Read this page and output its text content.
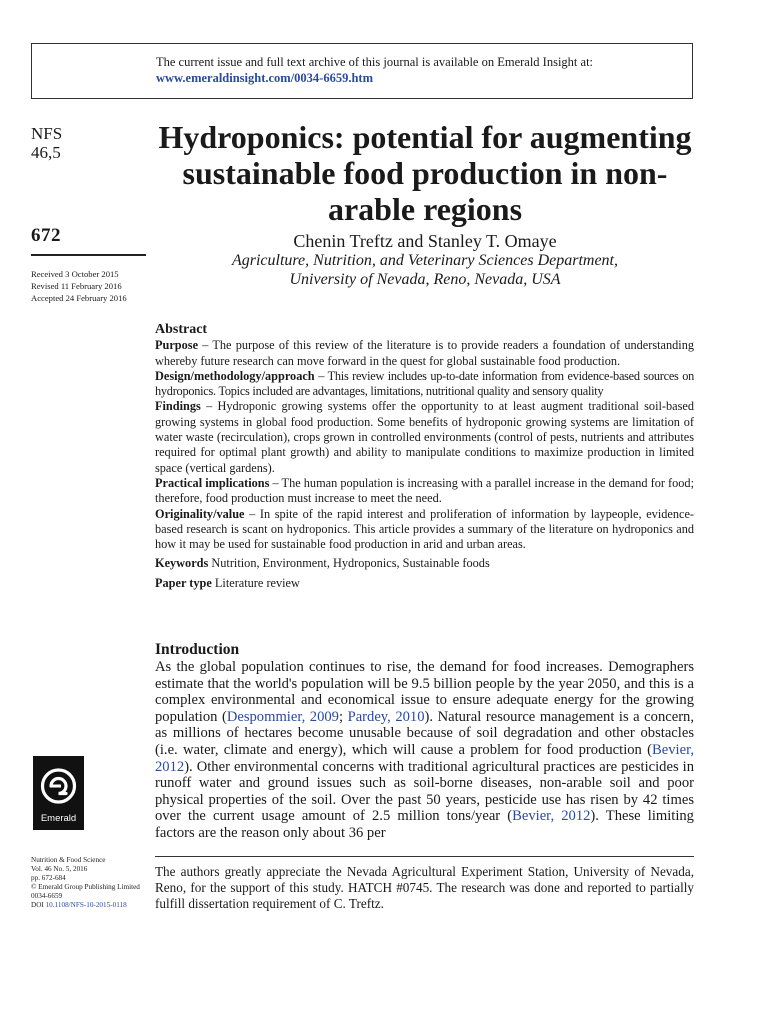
The current issue and full text archive of this journal is available on Emerald Insight at:
www.emeraldinsight.com/0034-6659.htm
NFS
46,5
672
Received 3 October 2015
Revised 11 February 2016
Accepted 24 February 2016
Emerald
Nutrition & Food Science
Vol. 46 No. 5, 2016
pp. 672-684
© Emerald Group Publishing Limited
0034-6659
DOI 10.1108/NFS-10-2015-0118
Hydroponics: potential for augmenting sustainable food production in non-arable regions
Chenin Treftz and Stanley T. Omaye
Agriculture, Nutrition, and Veterinary Sciences Department,
University of Nevada, Reno, Nevada, USA
Abstract
Purpose – The purpose of this review of the literature is to provide readers a foundation of understanding whereby future research can move forward in the quest for global sustainable food production.
Design/methodology/approach – This review includes up-to-date information from evidence-based sources on hydroponics. Topics included are advantages, limitations, nutritional quality and sensory quality
Findings – Hydroponic growing systems offer the opportunity to at least augment traditional soil-based growing systems in global food production. Some benefits of hydroponic growing systems are limitation of water waste (recirculation), crops grown in controlled environments (control of pests, nutrients and attributes required for optimal plant growth) and ability to manipulate conditions to maximize production in limited space (vertical gardens).
Practical implications – The human population is increasing with a parallel increase in the demand for food; therefore, food production must increase to meet the need.
Originality/value – In spite of the rapid interest and proliferation of information by laypeople, evidence-based research is scant on hydroponics. This article provides a summary of the literature on hydroponics and how it may be used for sustainable food production in arid and urban areas.
Keywords Nutrition, Environment, Hydroponics, Sustainable foods
Paper type Literature review
Introduction
As the global population continues to rise, the demand for food increases. Demographers estimate that the world's population will be 9.5 billion people by the year 2050, and this is a complex environmental and economical issue to ensure adequate energy for the growing population (Despommier, 2009; Pardey, 2010). Natural resource management is a concern, as millions of hectares become unusable because of soil degradation and other obstacles (i.e. water, climate and energy), which will cause a problem for food production (Bevier, 2012). Other environmental concerns with traditional agricultural practices are pesticides in runoff water and ground issues such as soil-borne diseases, non-arable soil and poor physical properties of the soil. Over the past 50 years, pesticide use has risen by 42 times over the current usage amount of 2.5 million tons/year (Bevier, 2012). These limiting factors are the reason only about 36 per
The authors greatly appreciate the Nevada Agricultural Experiment Station, University of Nevada, Reno, for the support of this study. HATCH #0745. The research was done and reported to partially fulfill dissertation requirement of C. Treftz.
